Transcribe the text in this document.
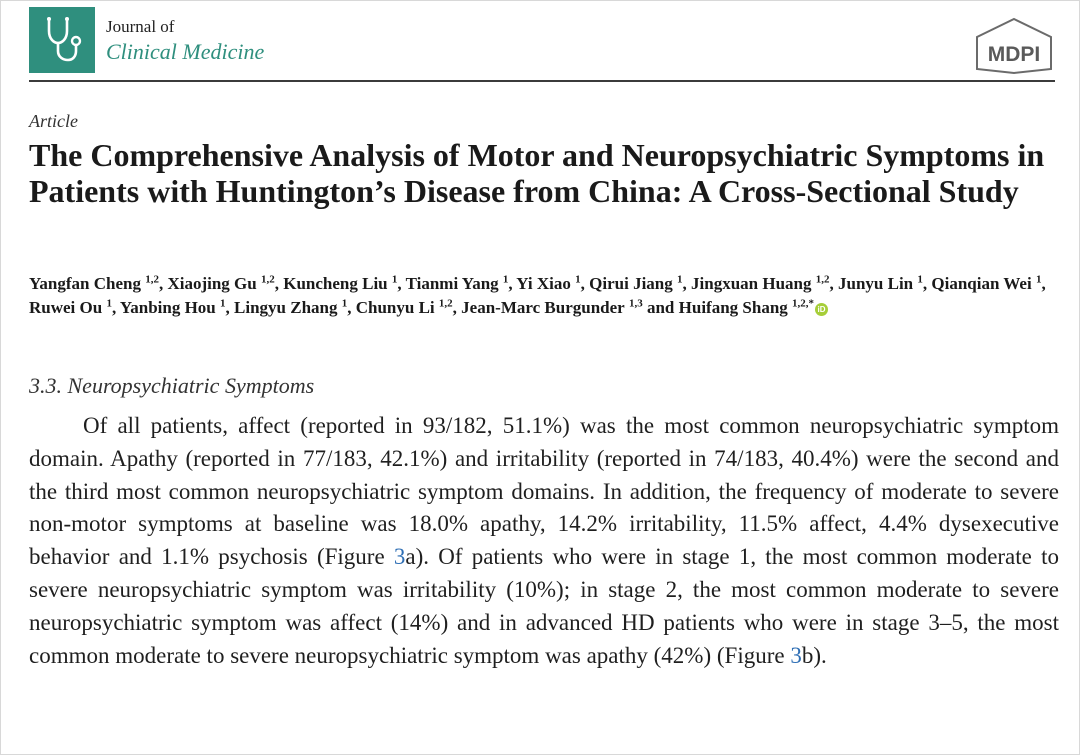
Journal of
Clinical Medicine	MDPI
Article
The Comprehensive Analysis of Motor and Neuropsychiatric Symptoms in Patients with Huntington’s Disease from China: A Cross-Sectional Study

Yangfan Cheng $^{1,2}$, Xiaojing Gu $^{1,2}$, Kuncheng Liu $^1$, Tianmi Yang $^1$, Yi Xiao $^1$, Qirui Jiang $^1$, Jingxuan Huang $^{1,2}$, Junyu Lin $^1$, Qianqian Wei $^1$, Ruwei Ou $^1$, Yanbing Hou $^1$, Lingyu Zhang $^1$, Chunyu Li $^{1,2}$, Jean-Marc Burgunder $^{1,3}$ and Huifang Shang $^{1,2,*}$iD

3.3. Neuropsychiatric Symptoms

Of all patients, affect (reported in 93/182, 51.1%) was the most common neuropsychiatric symptom domain. Apathy (reported in 77/183, 42.1%) and irritability (reported in 74/183, 40.4%) were the second and the third most common neuropsychiatric symptom domains. In addition, the frequency of moderate to severe non-motor symptoms at baseline was 18.0% apathy, 14.2% irritability, 11.5% affect, 4.4% dysexecutive behavior and 1.1% psychosis (Figure 3a). Of patients who were in stage 1, the most common moderate to severe neuropsychiatric symptom was irritability (10%); in stage 2, the most common moderate to severe neuropsychiatric symptom was affect (14%) and in advanced HD patients who were in stage 3–5, the most common moderate to severe neuropsychiatric symptom was apathy (42%) (Figure 3b).
